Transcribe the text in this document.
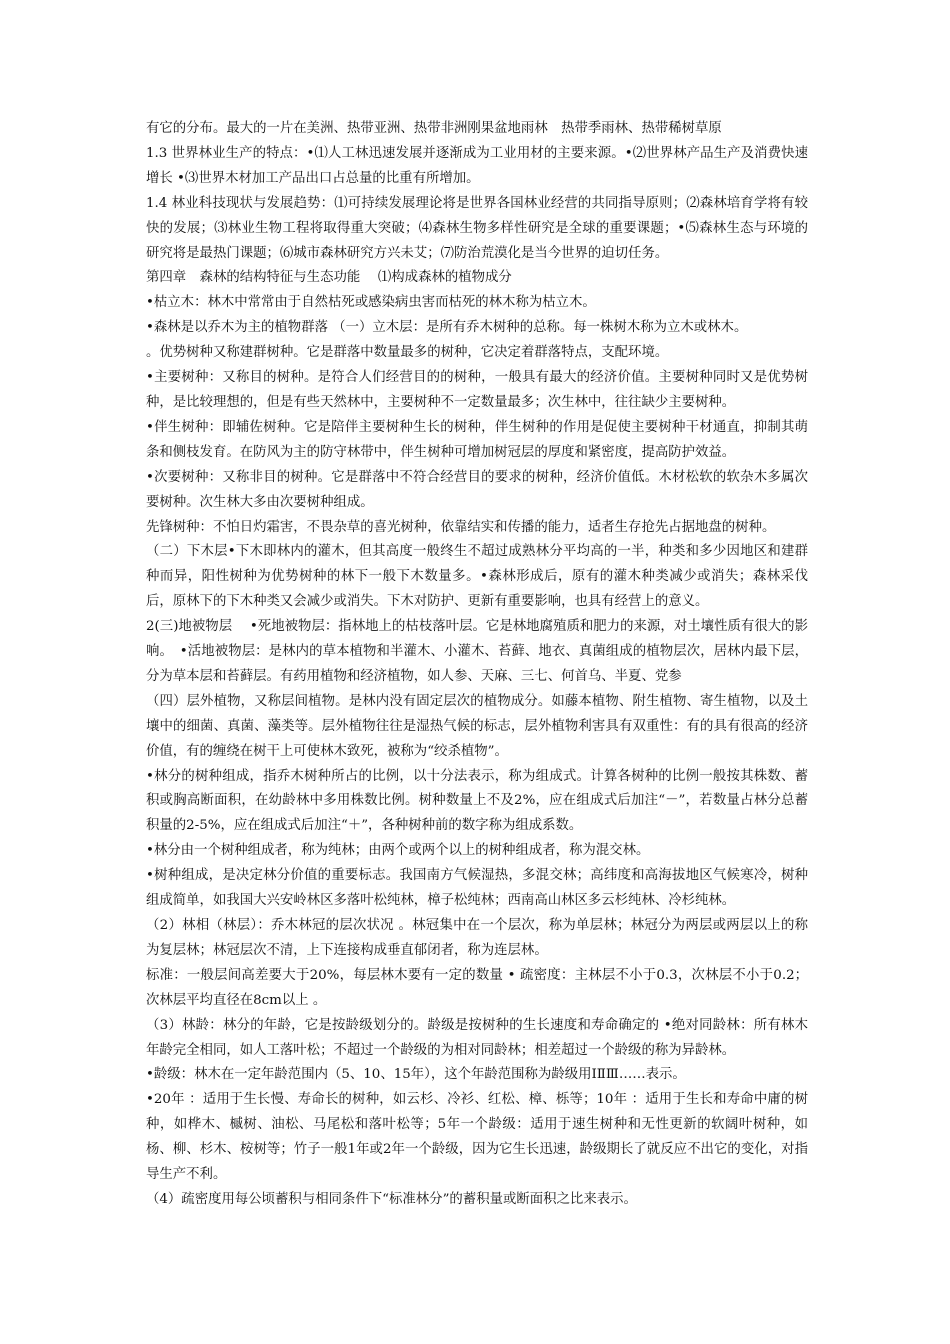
有它的分布。最大的一片在美洲、热带亚洲、热带非洲刚果盆地雨林　热带季雨林、热带稀树草原

1.3 世界林业生产的特点：•⑴人工林迅速发展并逐渐成为工业用材的主要来源。•⑵世界林产品生产及消费快速增长 •⑶世界木材加工产品出口占总量的比重有所增加。

1.4 林业科技现状与发展趋势：⑴可持续发展理论将是世界各国林业经营的共同指导原则；⑵森林培育学将有较快的发展；⑶林业生物工程将取得重大突破；⑷森林生物多样性研究是全球的重要课题；•⑸森林生态与环境的研究将是最热门课题；⑹城市森林研究方兴未艾；⑺防治荒漠化是当今世界的迫切任务。

第四章　森林的结构特征与生态功能　 ⑴构成森林的植物成分

•枯立木：林木中常常由于自然枯死或感染病虫害而枯死的林木称为枯立木。

•森林是以乔木为主的植物群落 （一）立木层：是所有乔木树种的总称。每一株树木称为立木或林木。

。优势树种又称建群树种。它是群落中数量最多的树种，它决定着群落特点，支配环境。

•主要树种：又称目的树种。是符合人们经营目的的树种，一般具有最大的经济价值。主要树种同时又是优势树种，是比较理想的，但是有些天然林中，主要树种不一定数量最多；次生林中，往往缺少主要树种。

•伴生树种：即辅佐树种。它是陪伴主要树种生长的树种，伴生树种的作用是促使主要树种干材通直，抑制其萌条和侧枝发育。在防风为主的防守林带中，伴生树种可增加树冠层的厚度和紧密度，提高防护效益。

•次要树种：又称非目的树种。它是群落中不符合经营目的要求的树种，经济价值低。木材松软的软杂木多属次要树种。次生林大多由次要树种组成。

先锋树种：不怕日灼霜害，不畏杂草的喜光树种，依靠结实和传播的能力，适者生存抢先占据地盘的树种。

（二）下木层•下木即林内的灌木，但其高度一般终生不超过成熟林分平均高的一半，种类和多少因地区和建群种而异，阳性树种为优势树种的林下一般下木数量多。•森林形成后，原有的灌木种类减少或消失；森林采伐后，原林下的下木种类又会减少或消失。下木对防护、更新有重要影响，也具有经营上的意义。

2(三)地被物层　 •死地被物层：指林地上的枯枝落叶层。它是林地腐殖质和肥力的来源，对土壤性质有很大的影响。　•活地被物层：是林内的草本植物和半灌木、小灌木、苔藓、地衣、真菌组成的植物层次，居林内最下层，分为草本层和苔藓层。有药用植物和经济植物，如人参、天麻、三七、何首乌、半夏、党参

（四）层外植物，又称层间植物。是林内没有固定层次的植物成分。如藤本植物、附生植物、寄生植物，以及土壤中的细菌、真菌、藻类等。层外植物往往是湿热气候的标志，层外植物利害具有双重性：有的具有很高的经济价值，有的缠绕在树干上可使林木致死，被称为“绞杀植物”。

•林分的树种组成，指乔木树种所占的比例，以十分法表示，称为组成式。计算各树种的比例一般按其株数、蓄积或胸高断面积，在幼龄林中多用株数比例。树种数量上不及2%，应在组成式后加注“－”，若数量占林分总蓄积量的2-5%，应在组成式后加注“＋”，各种树种前的数字称为组成系数。

•林分由一个树种组成者，称为纯林；由两个或两个以上的树种组成者，称为混交林。

•树种组成，是决定林分价值的重要标志。我国南方气候湿热，多混交林；高纬度和高海拔地区气候寒冷，树种组成简单，如我国大兴安岭林区多落叶松纯林，樟子松纯林；西南高山林区多云杉纯林、冷杉纯林。

（2）林相（林层）：乔木林冠的层次状况 。林冠集中在一个层次，称为单层林；林冠分为两层或两层以上的称为复层林；林冠层次不清，上下连接构成垂直郁闭者，称为连层林。

标准：一般层间高差要大于20%，每层林木要有一定的数量 • 疏密度：主林层不小于0.3，次林层不小于0.2；次林层平均直径在8cm以上 。

（3）林龄：林分的年龄，它是按龄级划分的。龄级是按树种的生长速度和寿命确定的 •绝对同龄林：所有林木年龄完全相同，如人工落叶松；不超过一个龄级的为相对同龄林；相差超过一个龄级的称为异龄林。

•龄级：林木在一定年龄范围内（5、10、15年），这个年龄范围称为龄级用ⅠⅡⅢ……表示。

•20年 ：适用于生长慢、寿命长的树种，如云杉、冷衫、红松、樟、栎等；10年 ：适用于生长和寿命中庸的树种，如桦木、槭树、油松、马尾松和落叶松等；5年一个龄级：适用于速生树种和无性更新的软阔叶树种，如杨、柳、杉木、桉树等；竹子一般1年或2年一个龄级，因为它生长迅速，龄级期长了就反应不出它的变化，对指导生产不利。

（4）疏密度用每公顷蓄积与相同条件下“标准林分”的蓄积量或断面积之比来表示。
